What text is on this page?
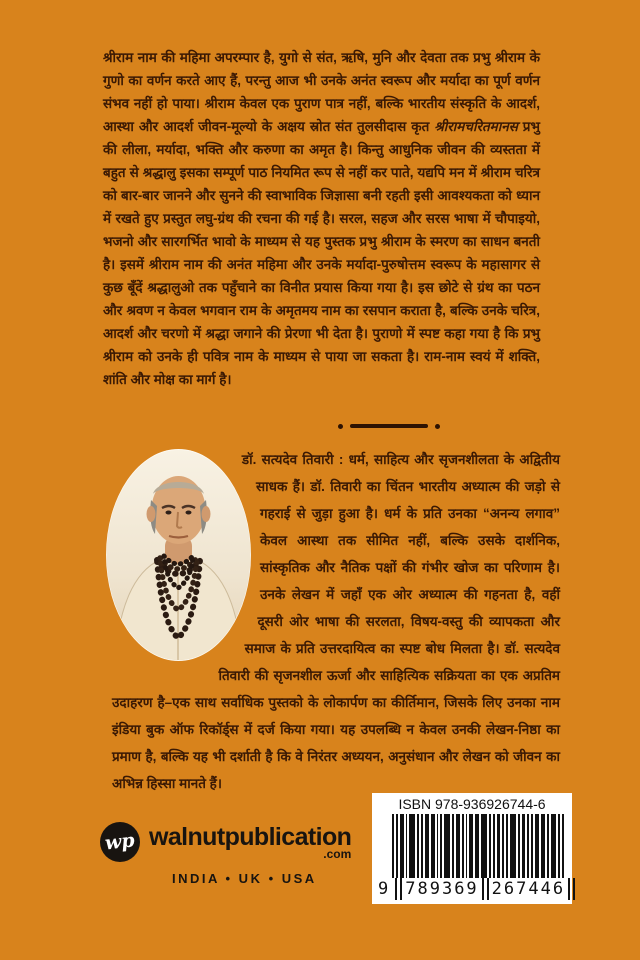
श्रीराम नाम की महिमा अपरम्पार है, युगो से संत, ऋषि, मुनि और देवता तक प्रभु श्रीराम के गुणो का वर्णन करते आए हैं, परन्तु आज भी उनके अनंत स्वरूप और मर्यादा का पूर्ण वर्णन संभव नहीं हो पाया। श्रीराम केवल एक पुराण पात्र नहीं, बल्कि भारतीय संस्कृति के आदर्श, आस्था और आदर्श जीवन-मूल्यो के अक्षय स्रोत संत तुलसीदास कृत श्रीरामचरितमानस प्रभु की लीला, मर्यादा, भक्ति और करुणा का अमृत है। किन्तु आधुनिक जीवन की व्यस्तता में बहुत से श्रद्धालु इसका सम्पूर्ण पाठ नियमित रूप से नहीं कर पाते, यद्यपि मन में श्रीराम चरित्र को बार-बार जानने और सुनने की स्वाभाविक जिज्ञासा बनी रहती इसी आवश्यकता को ध्यान में रखते हुए प्रस्तुत लघु-ग्रंथ की रचना की गई है। सरल, सहज और सरस भाषा में चौपाइयो, भजनो और सारगर्भित भावो के माध्यम से यह पुस्तक प्रभु श्रीराम के स्मरण का साधन बनती है। इसमें श्रीराम नाम की अनंत महिमा और उनके मर्यादा-पुरुषोत्तम स्वरूप के महासागर से कुछ बूँदें श्रद्धालुओ तक पहुँचाने का विनीत प्रयास किया गया है। इस छोटे से ग्रंथ का पठन और श्रवण न केवल भगवान राम के अमृतमय नाम का रसपान कराता है, बल्कि उनके चरित्र, आदर्श और चरणो में श्रद्धा जगाने की प्रेरणा भी देता है। पुराणो में स्पष्ट कहा गया है कि प्रभु श्रीराम को उनके ही पवित्र नाम के माध्यम से पाया जा सकता है। राम-नाम स्वयं में शक्ति, शांति और मोक्ष का मार्ग है।

डॉ. सत्यदेव तिवारी : धर्म, साहित्य और सृजनशीलता के अद्वितीय साधक हैं। डॉ. तिवारी का चिंतन भारतीय अध्यात्म की जड़ो से गहराई से जुड़ा हुआ है। धर्म के प्रति उनका “अनन्य लगाव” केवल आस्था तक सीमित नहीं, बल्कि उसके दार्शनिक, सांस्कृतिक और नैतिक पक्षों की गंभीर खोज का परिणाम है। उनके लेखन में जहाँ एक ओर अध्यात्म की गहनता है, वहीं दूसरी ओर भाषा की सरलता, विषय-वस्तु की व्यापकता और समाज के प्रति उत्तरदायित्व का स्पष्ट बोध मिलता है। डॉ. सत्यदेव तिवारी की सृजनशील ऊर्जा और साहित्यिक सक्रियता का एक अप्रतिम उदाहरण है–एक साथ सर्वाधिक पुस्तको के लोकार्पण का कीर्तिमान, जिसके लिए उनका नाम इंडिया बुक ऑफ रिकॉर्ड्स में दर्ज किया गया। यह उपलब्धि न केवल उनकी लेखन-निष्ठा का प्रमाण है, बल्कि यह भी दर्शाती है कि वे निरंतर अध्ययन, अनुसंधान और लेखन को जीवन का अभिन्न हिस्सा मानते हैं।

wp walnutpublication
.com
INDIA • UK • USA
ISBN 978-936926744-6
9 789369 267446
